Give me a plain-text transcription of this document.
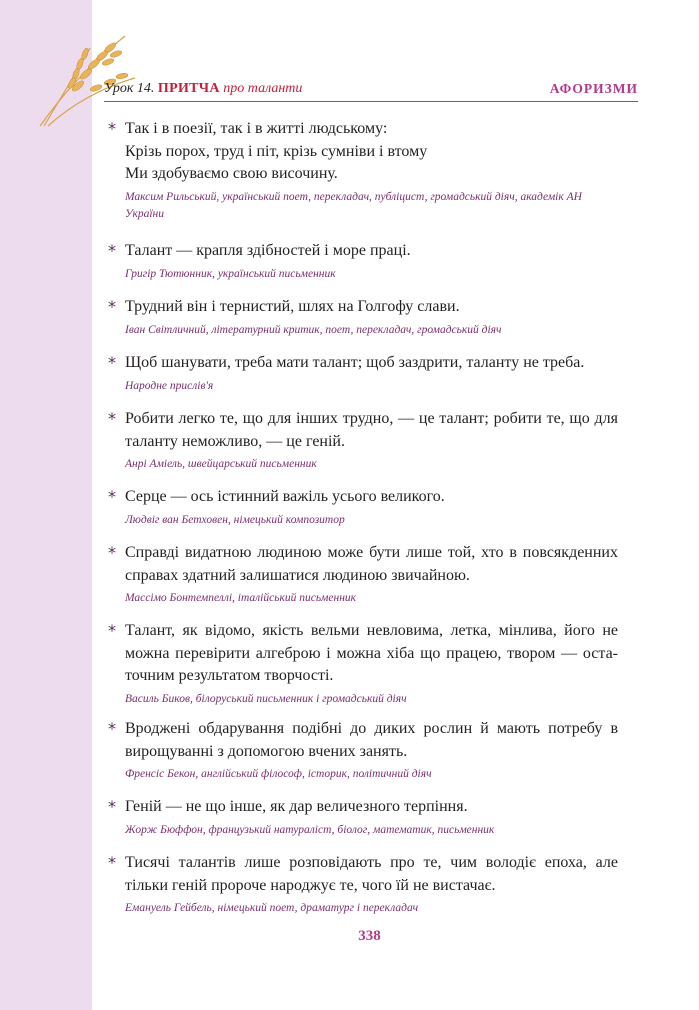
Урок 14. ПРИТЧА про таланти	АФОРИЗМИ
* Так і в поезії, так і в житті людському:
Крізь порох, труд і піт, крізь сумніви і втому
Ми здобуваємо свою височину.
Максим Рильський, український поет, перекладач, публіцист, громадський діяч, академік АН України
* Талант — крапля здібностей і море праці.
Григір Тютюнник, український письменник
* Трудний він і тернистий, шлях на Голгофу слави.
Іван Світличний, літературний критик, поет, перекладач, громадський діяч
* Щоб шанувати, треба мати талант; щоб заздрити, таланту не треба.
Народне прислів'я
* Робити легко те, що для інших трудно, — це талант; робити те, що для
таланту неможливо, — це геній.
Анрі Аміель, швейцарський письменник
* Серце — ось істинний важіль усього великого.
Людвіг ван Бетховен, німецький композитор
* Справді видатною людиною може бути лише той, хто в повсякденних
справах здатний залишатися людиною звичайною.
Массімо Бонтемпеллі, італійський письменник
* Талант, як відомо, якість вельми невловима, летка, мінлива, його не
можна перевірити алгеброю і можна хіба що працею, твором — оста-
точним результатом творчості.
Василь Биков, білоруський письменник і громадський діяч
* Вроджені обдарування подібні до диких рослин й мають потребу в
вирощуванні з допомогою вчених занять.
Френсіс Бекон, англійський філософ, історик, політичний діяч
* Геній — не що інше, як дар величезного терпіння.
Жорж Бюффон, французький натураліст, біолог, математик, письменник
* Тисячі талантів лише розповідають про те, чим володіє епоха, але
тільки геній пророче народжує те, чого їй не вистачає.
Емануель Гейбель, німецький поет, драматург і перекладач
338
